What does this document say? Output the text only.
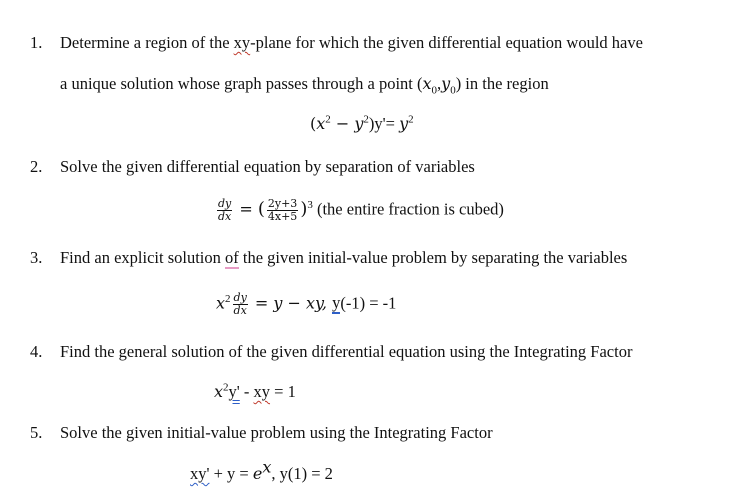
1. Determine a region of the xy-plane for which the given differential equation would have
a unique solution whose graph passes through a point $(x_0,y_0)$ in the region
$(x^2 - y^2)y'= y^2$
2. Solve the given differential equation by separation of variables
$\frac{dy}{dx}$ = ( $\frac{2y+3}{4x+5} )^3$ (the entire fraction is cubed)
3. Find an explicit solution of the given initial-value problem by separating the variables
$x^2 \frac{dy}{dx} = y$ − xy, y(-1) = -1
4. Find the general solution of the given differential equation using the Integrating Factor
$x^2y'$ - xy = 1
5. Solve the given initial-value problem using the Integrating Factor
$xy' + y = e^x$, y(1) = 2
